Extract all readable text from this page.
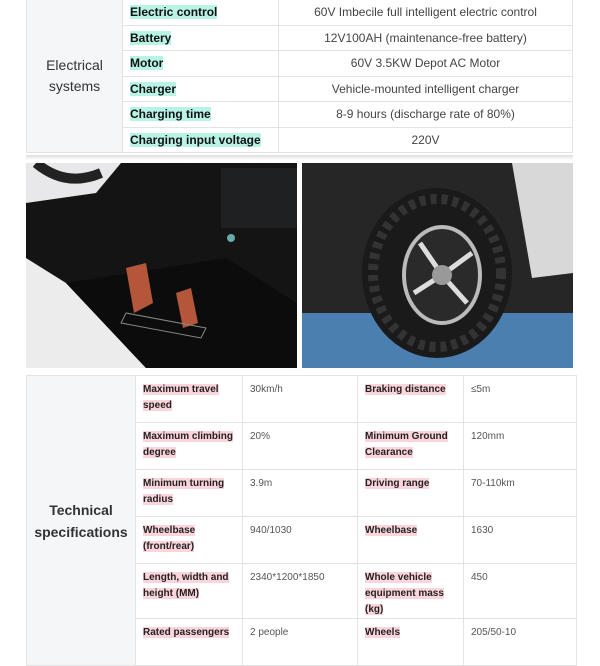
Electrical systems	Electric control	60V Imbecile full intelligent electric control
	Battery	12V100AH (maintenance-free battery)
	Motor	60V 3.5KW Depot AC Motor
	Charger	Vehicle-mounted intelligent charger
	Charging time	8-9 hours (discharge rate of 80%)
	Charging input voltage	220V
Technical specifications	Maximum travel speed	30km/h	Braking distance	≤5m
	Maximum climbing degree	20%	Minimum Ground Clearance	120mm
	Minimum turning radius	3.9m	Driving range	70-110km
	Wheelbase (front/rear)	940/1030	Wheelbase	1630
	Length, width and height (MM)	2340*1200*1850	Whole vehicle equipment mass (kg)	450
	Rated passengers	2 people	Wheels	205/50-10
